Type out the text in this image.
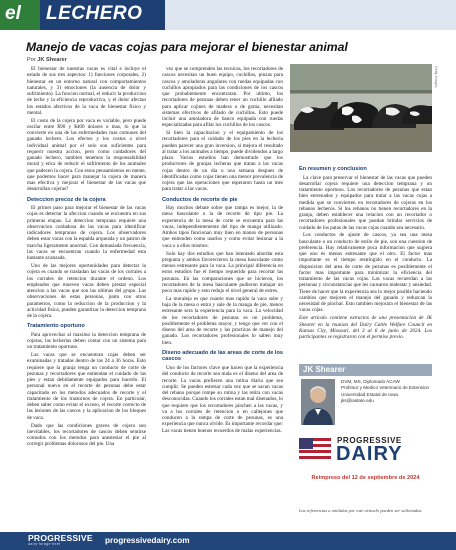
el LECHERO
Manejo de vacas cojas para mejorar el bienestar animal
Por JK Shearer
Getty Images

El bienestar de nuestras vacas es vital e incluye el estado de sus tres aspectos: 1) funciones corporales, 2) bienestar en un entorno natural con comportamientos naturales, y 3) emociones (la ausencia de dolor y sufrimiento). La funcion normal, el reducir la produccion de leche y la eficiencia reproductiva, y el dolor afectan los estados afectivos de la vaca de bienestar fisico y mental.

El costo de la cojera por vaca es variable, pero puede oscilar entre $90 y $400 dolares o mas, lo que la convierte en una de las enfermedades mas comunes del ganado lechero. Los efectos y los costos a nivel individual animal por el solo son suficientes para requerir nuestra accion, pero como cuidadores del ganado lechero, tambien tenemos la responsabilidad moral y etica de reducir el sufrimiento de los animales que padecen la cojera. Con estos pensamientos en mente, que podemos hacer para manejar la cojera de manera mas efectiva y mejorar el bienestar de las vacas que desarrollan cojeras?

Deteccion precoz de la cojera

El primer paso para mejorar el bienestar de las vacas cojas es detectar la afeccion cuando se encuentra en sus primeras etapas. La deteccion temprana requiere una observacion cuidadosa de las vacas para identificar indicadores tempranos de cojera. Los observadores deben estar vacas con la espalda arqueada y un patron de marcha ligeramente anormal. Con demasiada frecuencia, las vacas se encuentran cuando la enfermedad esta bastante avanzada.

Uno de las mejores oportunidades para detectar la cojera es cuando se trasladan las vacas de los corrales a los corrales de retencion durante el ordeno. Los empleados que mueven vacas deben prestar especial atencion a las vacas que son las ultimas del grupo. Las observaciones de estas personas, junto con otros parametros, como la reduccion de la produccion y la actividad fisica, pueden garantizar la deteccion temprana de la cojera.

Tratamiento oportuno

Para aprovechar al maximo la deteccion temprana de cojeras, las lecherias deben contar con un sistema para un tratamiento oportuno.

Las vacas que se encuentran cojas deben ser examinadas y tratadas dentro de las 24 a 36 horas. Esto requiere que la granja tenga un conducto de corte de pezunas y recortadores que entiendan el cuidado de las pies y estan debidamente equipados para hacerlo. El personal nuevo en el recorte de pezunas debe estar capacitado en los metodos adecuados de recorte y el tratamiento de los trastornos de cojera. En particular, deben saber como evitar el exceso, el recorte correcto de las lesiones de las cascos y la aplicacion de los bloques de vaca.

Dado que las condiciones graves de cojera son inevitables, los recortadores de cascos deben sentirse comodos con los metodos para anestesiar el pie al corregir problemas dolorosos del pie. Una

vez que se comprenden las tecnicas, los recortadores de cascos necesitan un buen equipo, cuchillos, pinzas para cascos y amoladoras angulares con ruedas equipadas con cuchillos apropiados para las condiciones de los cascos que probablemente encontraran. Por ultimo, los recortadores de pezunas deben tener un cuchillo afilado para aplicar cojines de madera o de goma, necesitan sistemas efectivos de afilado de cuchillos. Esto puede incluir una amoladora de banco equipada con ruedas especializadas para afilar los cuchillos de los cascos.

Si bien la capacitacion y el equipamiento de los recortadores para el cuidado de los pies en la lecheria pueden parecer una gran inversion, si mejora el resultado al tratar a los animales a tiempo, puede dividendos a largo plazo. Varios estudios han demostrado que los productores de granjas lecheras que tratan a las vacas cojas dentro de un dia o una semana despues de identificadas como cojas tienen una menor prevalencia de cojera que las operaciones que esperaron hasta un mes para tratar a las vacas.

Conductos de recorte de pie

Hay muchos debate sobre que rampa es mejor, la de mesa basculante o la de recorte de tipo pie. La experiencia de la mesa de corte se encuentra para las vacas, independientemente del tipo de manga utilizado. Ambos tipos funcionan muy bien en manos de personas que entienden como usarlos y como evitar lesionar a la vaca o a ellos mismos.

Solo hay dos estudios que han intentado abordar esta pregunta y ambos favorecieron la mesa basculante como menos estresante para la vaca. La principal diferencia en estos estudios fue el tiempo requerido para recortar las pezunas. En las comparaciones que se hicieron, los recortadores de la mesa basculante pudieron trabajar un poco mas rapido y esto redujo el nivel general de estres.

La moraleja es que cuanto mas rapido la vaca sube y baja de la mesa o entra y sale de la manga de pie, menos estresante sera la experiencia para la vaca. La velocidad de los recortadores de pezunas es un problema, posiblemente el problema mayor, y tengo que ver con el diseno del area de recorte y las practicas de manejo del ganado. Los recortadores profesionales lo saben muy bien.

Diseno adecuado de las areas de corte de los cascos

Uno de los factores clave que hacen que la experiencia del conducto de recorte sea mala es el diseno del area de recorte. La vacas prefieren una rutina diaria que sea cumplir. Se pueden estresar cada vez que se sacan vacas del rebano porque rompe su rutina y las retira con vacas desconocidas. Cuando los corrales estan mal disenados, lo que requiere que los recortadores pinchen a las vacas, y va a los corrales de retencion o en callejones que conducen a la rampa de corte de pezunas, es una experiencia que nunca olvide. Es importante recordar que: Las vacas tienen buenos recuerdos de malas experiencias.

En resumen y conclusion

La clave para preservar el bienestar de las vacas que pueden desarrollar cojera requiere una deteccion temprana y un tratamiento oportuno. Los recortadores de pezunas que estan bien entrenados y equipados para tratar a las vacas cojas a medida que se convierten en recortadores de cojeras en los rebanos lecheros. Si los rebanos no tienen recortadores en la granja, deben establecer una relacion con un recortador o recortadores profesionales que puedan brindar servicios de cuidado de los patas de las vacas cojas cuando sea necesario.

Los conductos de ajuste de cascos, ya sea una mesa basculante o un conducto de estilo de pie, son una cuestion de preferencia. Hay relativamente poca informacion que sugiera que uno es menos estresante que el otro. El factor mas importante es el tiempo restringido en el conducto. La disposicion del area de corte de pezunas es posiblemente el factor mas importante para minimizar la eficiencia del tratamiento de las vacas cojas. Las vacas recuerdan a las personas y circunstancias que les causaron malestar y ansiedad. Tiene de hacer que la experiencia sea lo mejor posible haciendo cambios que mejoren el manejo del ganado y reduzcan la necesidad de pinchar. Esto tambien mejorara el bienestar de las vacas cojas.

Este articulo contiene extractos de una presentacion de JK Shearer en la reunion del Dairy Cattle Welfare Council en Kansas City, Missouri, del 3 al 6 de junio de 2024. Los participantes se registraron con el permiso previo.

JK Shearer
DVM, MS, Diplomado ACAW
Profesor y Medico Veterinario de Extension
Universidad Estatal de Iowa
jks@iastate.edu
PROGRESSIVE
DAIRY
Reimpreso del 12 de septiembre de 2024
Las referencias a omitidas por este articulo pueden ser solicitadas.
PROGRESSIVE
dairy·forage·beef	progressivedairy.com
